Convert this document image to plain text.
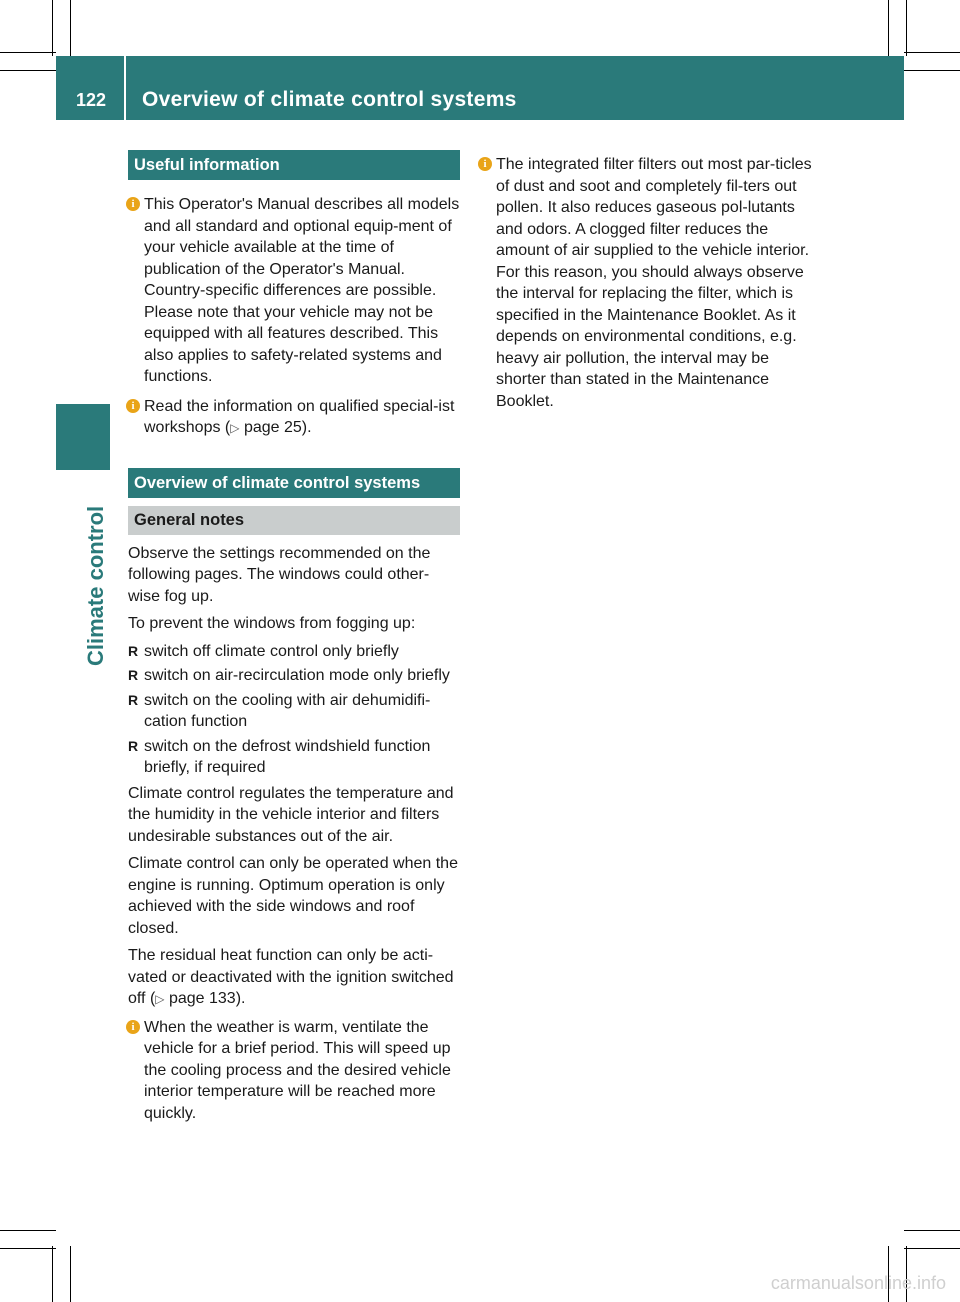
122	Overview of climate control systems
Climate control
Useful information
i This Operator's Manual describes all models and all standard and optional equip-ment of your vehicle available at the time of publication of the Operator's Manual. Country-specific differences are possible. Please note that your vehicle may not be equipped with all features described. This also applies to safety-related systems and functions.
i Read the information on qualified special-ist workshops (▷ page 25).
Overview of climate control systems
General notes

Observe the settings recommended on the following pages. The windows could other-wise fog up.

To prevent the windows from fogging up:

R switch off climate control only briefly
R switch on air-recirculation mode only briefly
R switch on the cooling with air dehumidifi-cation function
R switch on the defrost windshield function briefly, if required

Climate control regulates the temperature and the humidity in the vehicle interior and filters undesirable substances out of the air.

Climate control can only be operated when the engine is running. Optimum operation is only achieved with the side windows and roof closed.

The residual heat function can only be acti-vated or deactivated with the ignition switched off (▷ page 133).

i When the weather is warm, ventilate the vehicle for a brief period. This will speed up the cooling process and the desired vehicle interior temperature will be reached more quickly.
i The integrated filter filters out most par-ticles of dust and soot and completely fil-ters out pollen. It also reduces gaseous pol-lutants and odors. A clogged filter reduces the amount of air supplied to the vehicle interior. For this reason, you should always observe the interval for replacing the filter, which is specified in the Maintenance Booklet. As it depends on environmental conditions, e.g. heavy air pollution, the interval may be shorter than stated in the Maintenance Booklet.
carmanualsonline.info
